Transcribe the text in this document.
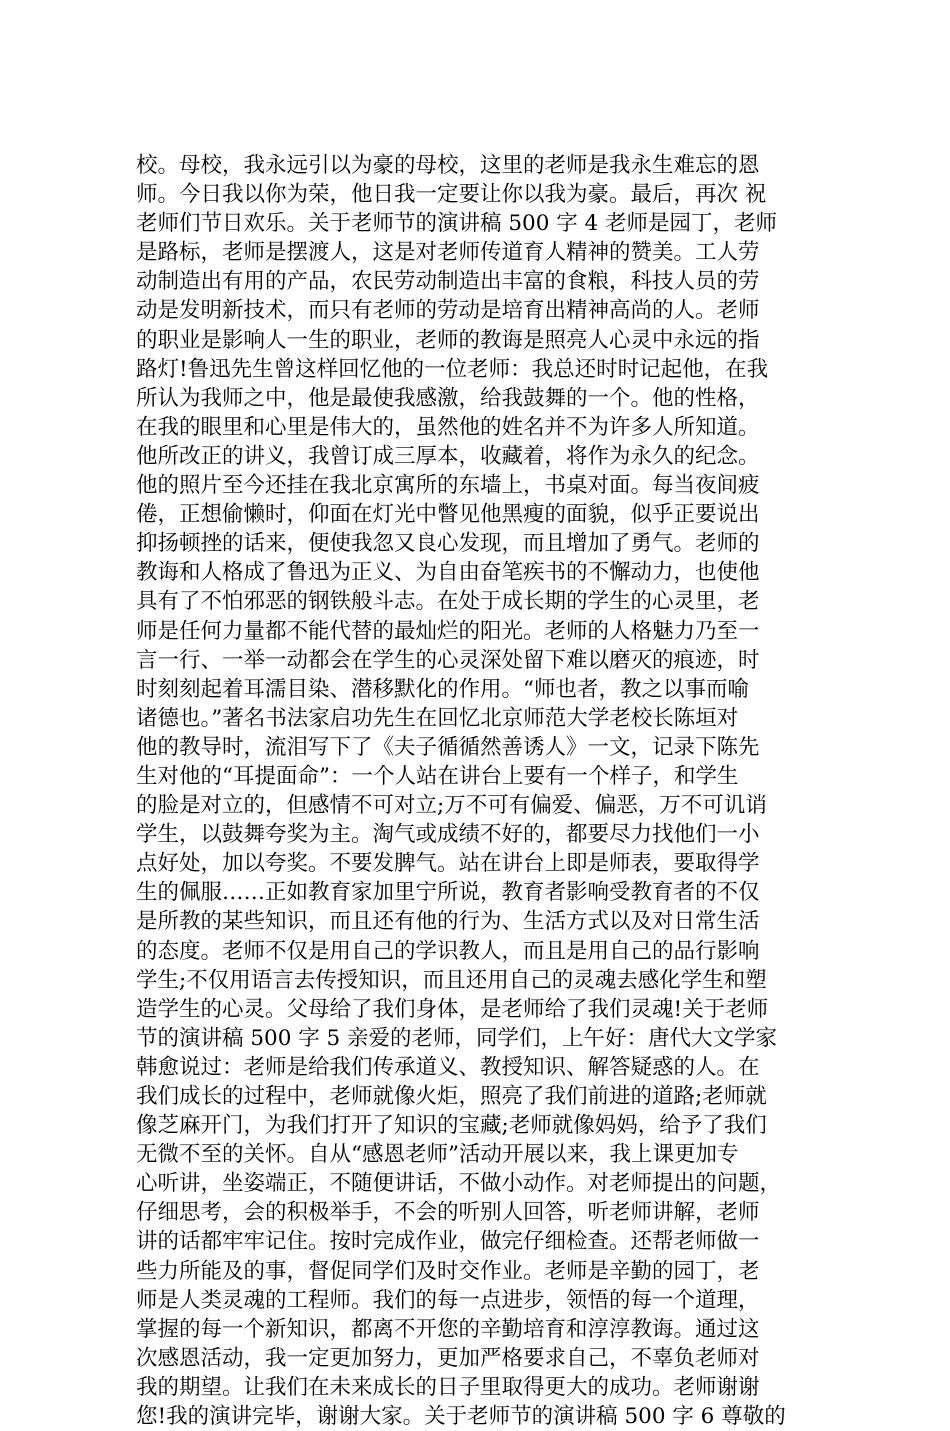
校。母校，我永远引以为豪的母校，这里的老师是我永生难忘的恩
师。今日我以你为荣，他日我一定要让你以我为豪。最后，再次 祝
老师们节日欢乐。关于老师节的演讲稿 500 字 4 老师是园丁，老师
是路标，老师是摆渡人，这是对老师传道育人精神的赞美。工人劳
动制造出有用的产品，农民劳动制造出丰富的食粮，科技人员的劳
动是发明新技术，而只有老师的劳动是培育出精神高尚的人。老师
的职业是影响人一生的职业，老师的教诲是照亮人心灵中永远的指
路灯!鲁迅先生曾这样回忆他的一位老师：我总还时时记起他，在我
所认为我师之中，他是最使我感激，给我鼓舞的一个。他的性格，
在我的眼里和心里是伟大的，虽然他的姓名并不为许多人所知道。
他所改正的讲义，我曾订成三厚本，收藏着，将作为永久的纪念。
他的照片至今还挂在我北京寓所的东墙上，书桌对面。每当夜间疲
倦，正想偷懒时，仰面在灯光中瞥见他黑瘦的面貌，似乎正要说出
抑扬顿挫的话来，便使我忽又良心发现，而且增加了勇气。老师的
教诲和人格成了鲁迅为正义、为自由奋笔疾书的不懈动力，也使他
具有了不怕邪恶的钢铁般斗志。在处于成长期的学生的心灵里，老
师是任何力量都不能代替的最灿烂的阳光。老师的人格魅力乃至一
言一行、一举一动都会在学生的心灵深处留下难以磨灭的痕迹，时
时刻刻起着耳濡目染、潜移默化的作用。“师也者，教之以事而喻
诸德也。”著名书法家启功先生在回忆北京师范大学老校长陈垣对
他的教导时，流泪写下了《夫子循循然善诱人》一文，记录下陈先
生对他的“耳提面命”：一个人站在讲台上要有一个样子，和学生
的脸是对立的，但感情不可对立;万不可有偏爱、偏恶，万不可讥诮
学生，以鼓舞夸奖为主。淘气或成绩不好的，都要尽力找他们一小
点好处，加以夸奖。不要发脾气。站在讲台上即是师表，要取得学
生的佩服……正如教育家加里宁所说，教育者影响受教育者的不仅
是所教的某些知识，而且还有他的行为、生活方式以及对日常生活
的态度。老师不仅是用自己的学识教人，而且是用自己的品行影响
学生;不仅用语言去传授知识，而且还用自己的灵魂去感化学生和塑
造学生的心灵。父母给了我们身体，是老师给了我们灵魂!关于老师
节的演讲稿 500 字 5 亲爱的老师，同学们，上午好：唐代大文学家
韩愈说过：老师是给我们传承道义、教授知识、解答疑惑的人。在
我们成长的过程中，老师就像火炬，照亮了我们前进的道路;老师就
像芝麻开门，为我们打开了知识的宝藏;老师就像妈妈，给予了我们
无微不至的关怀。自从“感恩老师”活动开展以来，我上课更加专
心听讲，坐姿端正，不随便讲话，不做小动作。对老师提出的问题，
仔细思考，会的积极举手，不会的听别人回答，听老师讲解，老师
讲的话都牢牢记住。按时完成作业，做完仔细检查。还帮老师做一
些力所能及的事，督促同学们及时交作业。老师是辛勤的园丁，老
师是人类灵魂的工程师。我们的每一点进步，领悟的每一个道理，
掌握的每一个新知识，都离不开您的辛勤培育和淳淳教诲。通过这
次感恩活动，我一定更加努力，更加严格要求自己，不辜负老师对
我的期望。让我们在未来成长的日子里取得更大的成功。老师谢谢
您!我的演讲完毕，谢谢大家。关于老师节的演讲稿 500 字 6 尊敬的
